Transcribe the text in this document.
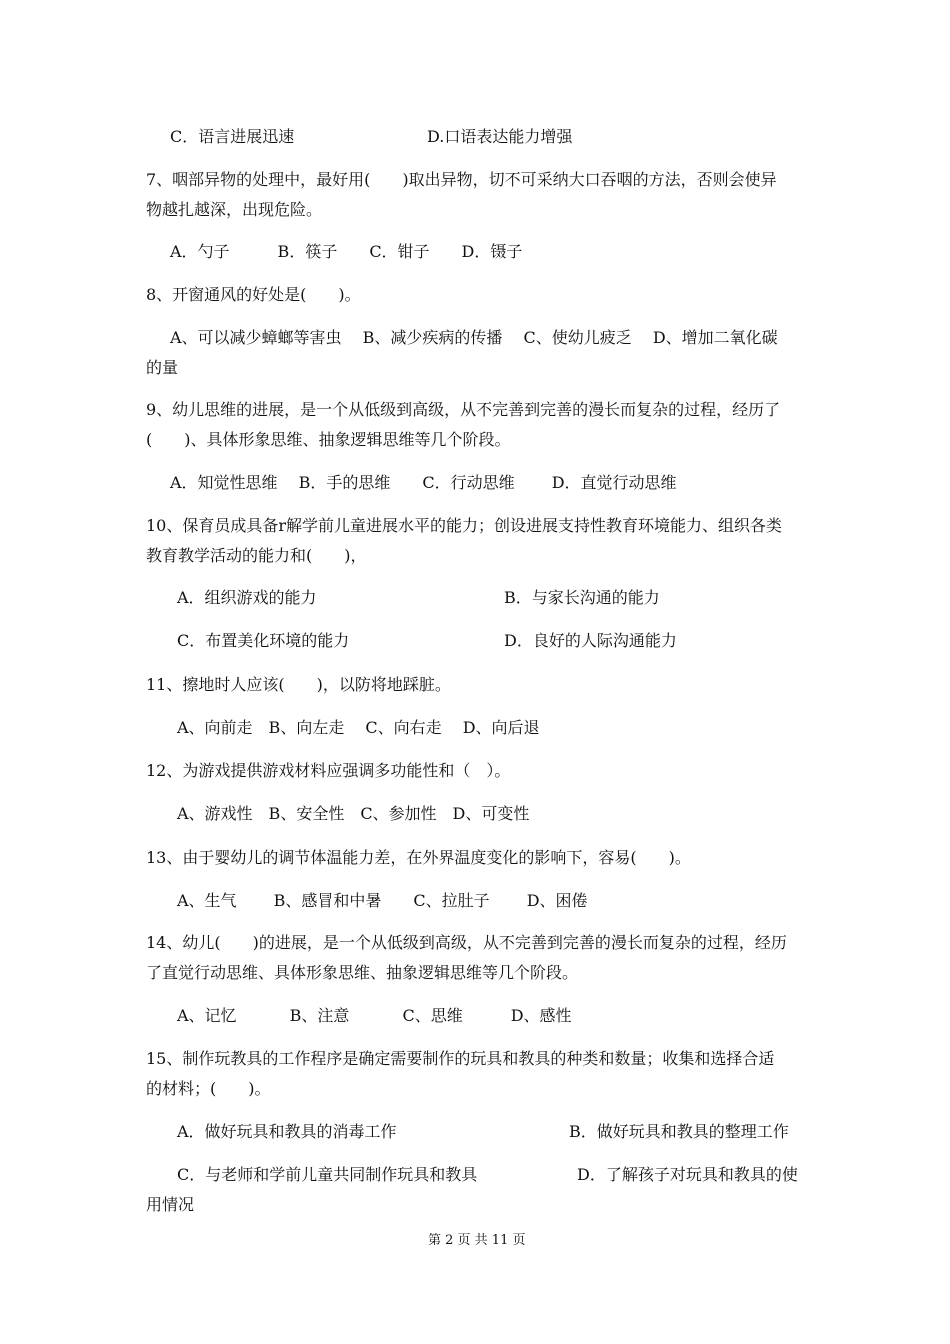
C．语言进展迅速	D.口语表达能力增强
7、咽部异物的处理中，最好用(　　)取出异物，切不可采纳大口吞咽的方法，否则会使异
物越扎越深，出现危险。
A．勺子　　　B．筷子　　C．钳子　　D．镊子
8、开窗通风的好处是(　　)。
A、可以减少蟑螂等害虫　 B、减少疾病的传播　 C、使幼儿疲乏　 D、增加二氧化碳
的量
9、幼儿思维的进展，是一个从低级到高级，从不完善到完善的漫长而复杂的过程，经历了
(　　)、具体形象思维、抽象逻辑思维等几个阶段。
A．知觉性思维　 B．手的思维　　C．行动思维　　 D．直觉行动思维
10、保育员成具备r解学前儿童进展水平的能力；创设进展支持性教育环境能力、组织各类
教育教学活动的能力和(　　)，
A．组织游戏的能力	B．与家长沟通的能力
C．布置美化环境的能力	D．良好的人际沟通能力
11、擦地时人应该(　　)，以防将地踩脏。
A、向前走　B、向左走　 C、向右走　 D、向后退
12、为游戏提供游戏材料应强调多功能性和（　）。
A、游戏性　B、安全性　C、参加性　D、可变性
13、由于婴幼儿的调节体温能力差，在外界温度变化的影响下，容易(　　)。
A、生气　　 B、感冒和中暑　　C、拉肚子　　 D、困倦
14、幼儿(　　)的进展，是一个从低级到高级，从不完善到完善的漫长而复杂的过程，经历
了直觉行动思维、具体形象思维、抽象逻辑思维等几个阶段。
A、记忆　　　 B、注意　　　 C、思维　　　D、感性
15、制作玩教具的工作程序是确定需要制作的玩具和教具的种类和数量；收集和选择合适
的材料；(　　)。
A．做好玩具和教具的消毒工作	B．做好玩具和教具的整理工作
C．与老师和学前儿童共同制作玩具和教具	D．了解孩子对玩具和教具的使
用情况
第 2 页 共 11 页
